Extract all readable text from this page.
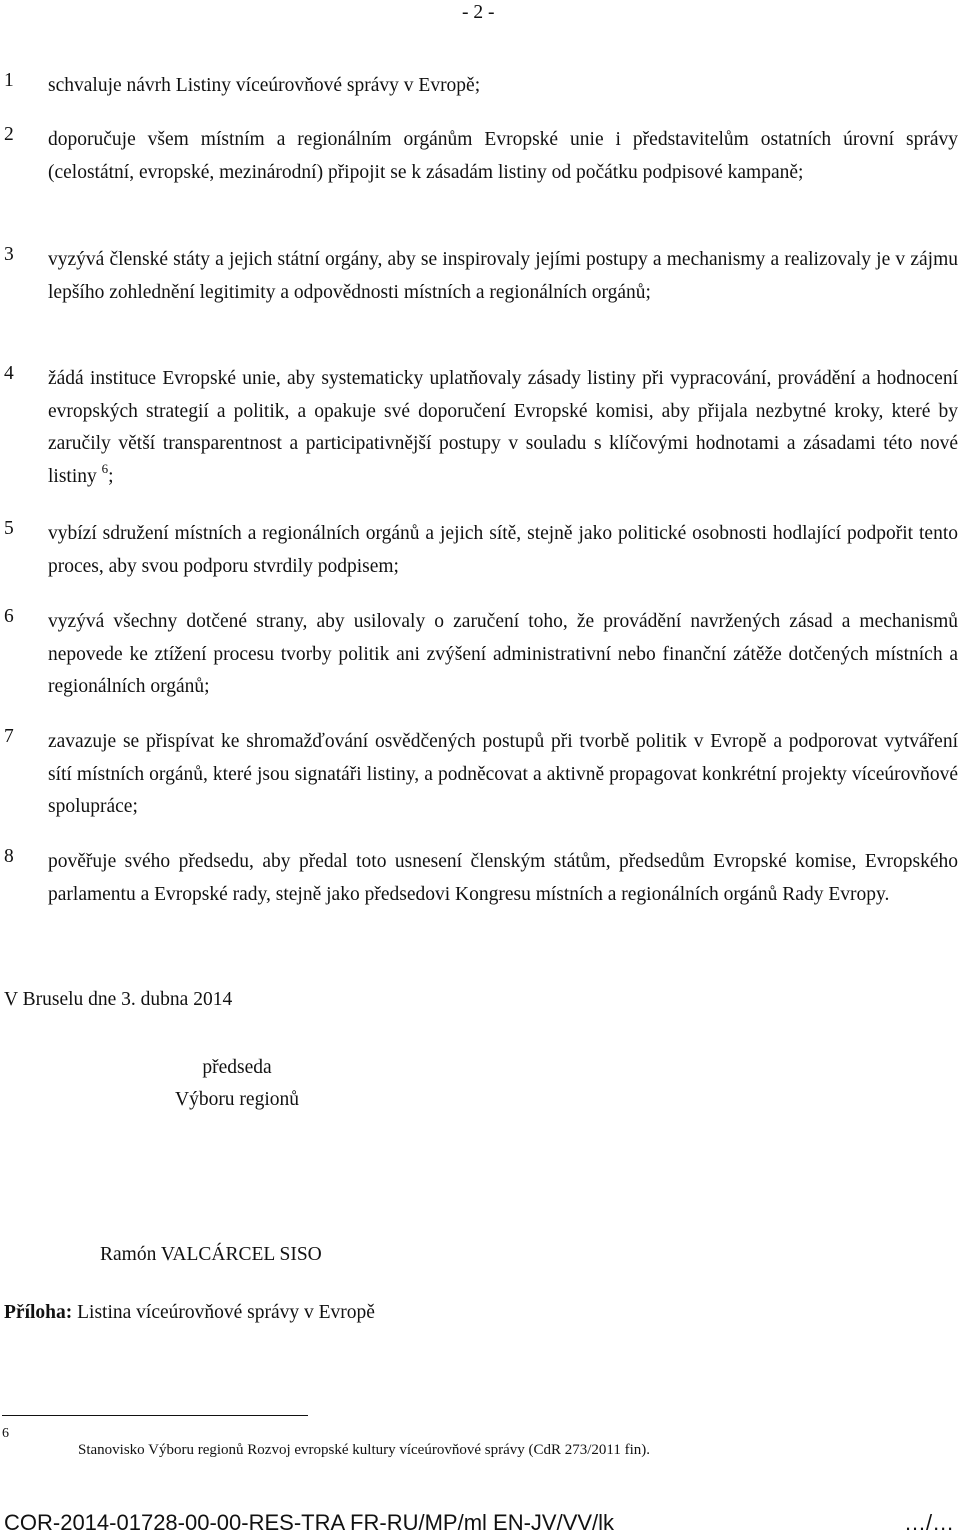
- 2 -
1 schvaluje návrh Listiny víceúrovňové správy v Evropě;
2 doporučuje všem místním a regionálním orgánům Evropské unie i představitelům ostatních úrovní správy (celostátní, evropské, mezinárodní) připojit se k zásadám listiny od počátku podpisové kampaně;
3 vyzývá členské státy a jejich státní orgány, aby se inspirovaly jejími postupy a mechanismy a realizovaly je v zájmu lepšího zohlednění legitimity a odpovědnosti místních a regionálních orgánů;
4 žádá instituce Evropské unie, aby systematicky uplatňovaly zásady listiny při vypracování, provádění a hodnocení evropských strategií a politik, a opakuje své doporučení Evropské komisi, aby přijala nezbytné kroky, které by zaručily větší transparentnost a participativnější postupy v souladu s klíčovými hodnotami a zásadami této nové listiny $^6$;
5 vybízí sdružení místních a regionálních orgánů a jejich sítě, stejně jako politické osobnosti hodlající podpořit tento proces, aby svou podporu stvrdily podpisem;
6 vyzývá všechny dotčené strany, aby usilovaly o zaručení toho, že provádění navržených zásad a mechanismů nepovede ke ztížení procesu tvorby politik ani zvýšení administrativní nebo finanční zátěže dotčených místních a regionálních orgánů;
7 zavazuje se přispívat ke shromažďování osvědčených postupů při tvorbě politik v Evropě a podporovat vytváření sítí místních orgánů, které jsou signatáři listiny, a podněcovat a aktivně propagovat konkrétní projekty víceúrovňové spolupráce;
8 pověřuje svého předsedu, aby předal toto usnesení členským státům, předsedům Evropské komise, Evropského parlamentu a Evropské rady, stejně jako předsedovi Kongresu místních a regionálních orgánů Rady Evropy.
V Bruselu dne 3. dubna 2014
předseda
Výboru regionů
Ramón VALCÁRCEL SISO
Příloha: Listina víceúrovňové správy v Evropě
6
Stanovisko Výboru regionů Rozvoj evropské kultury víceúrovňové správy (CdR 273/2011 fin).
COR-2014-01728-00-00-RES-TRA FR-RU/MP/ml EN-JV/VV/lk	…/…
